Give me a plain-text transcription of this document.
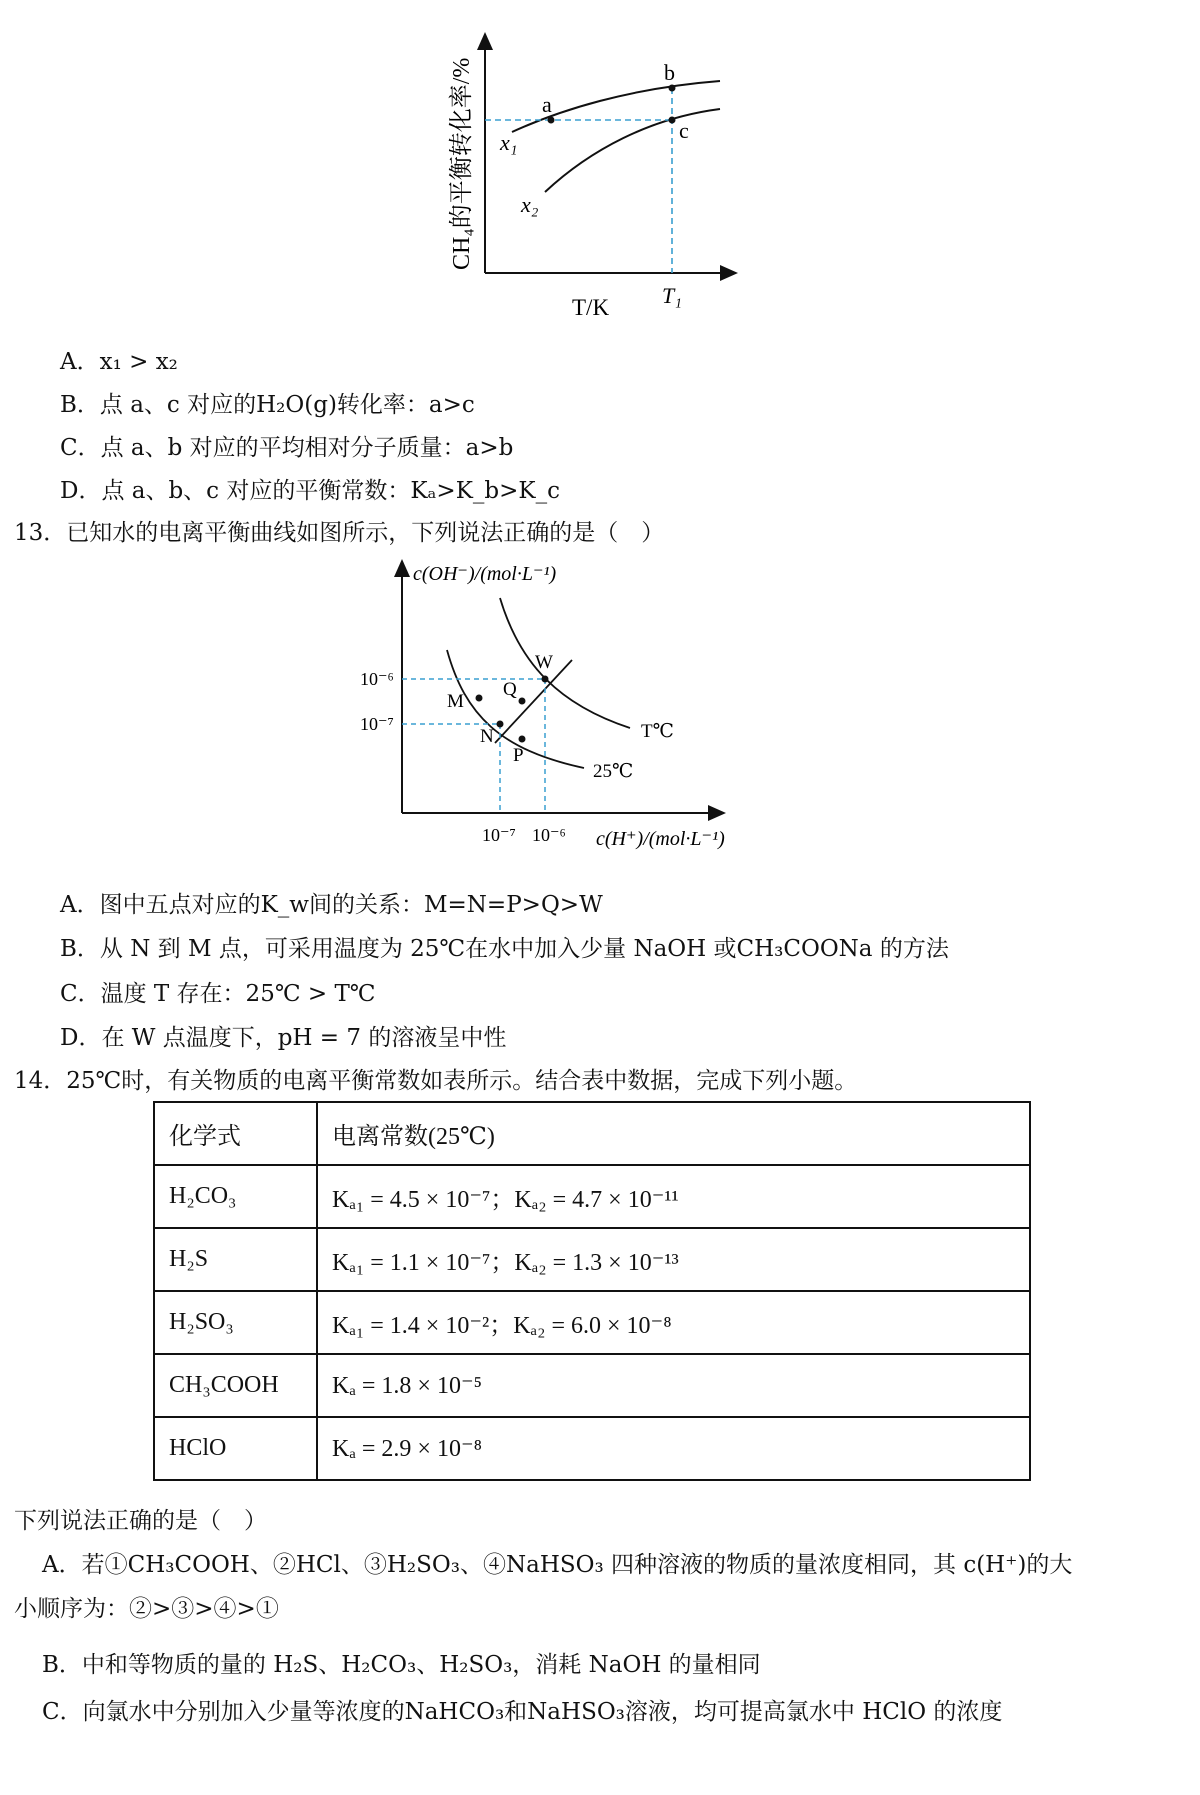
a
b
c
x₁
x₂
T₁
T/K
CH₄的平衡转化率/%
A．x₁ > x₂
B．点 a、c 对应的H₂O(g)转化率：a>c
C．点 a、b 对应的平均相对分子质量：a>b
D．点 a、b、c 对应的平衡常数：Kₐ>K_b>K_c
13．已知水的电离平衡曲线如图所示，下列说法正确的是（　）
M
N
P
Q
W
T℃
25℃
10⁻⁶
10⁻⁷
10⁻⁷ 10⁻⁶ c(H⁺)/(mol·L⁻¹)
c(OH⁻)/(mol·L⁻¹)
A．图中五点对应的K_w间的关系：M=N=P>Q>W
B．从 N 到 M 点，可采用温度为 25℃在水中加入少量 NaOH 或CH₃COONa 的方法
C．温度 T 存在：25℃ > T℃
D．在 W 点温度下，pH = 7 的溶液呈中性
14．25℃时，有关物质的电离平衡常数如表所示。结合表中数据，完成下列小题。
化学式	电离常数(25℃)
H₂CO₃	Kₐ₁ = 4.5 × 10⁻⁷；Kₐ₂ = 4.7 × 10⁻¹¹
H₂S	Kₐ₁ = 1.1 × 10⁻⁷；Kₐ₂ = 1.3 × 10⁻¹³
H₂SO₃	Kₐ₁ = 1.4 × 10⁻²；Kₐ₂ = 6.0 × 10⁻⁸
CH₃COOH	Kₐ = 1.8 × 10⁻⁵
HClO	Kₐ = 2.9 × 10⁻⁸
下列说法正确的是（　）
A．若①CH₃COOH、②HCl、③H₂SO₃、④NaHSO₃ 四种溶液的物质的量浓度相同，其 c(H⁺)的大
小顺序为：②>③>④>①
B．中和等物质的量的 H₂S、H₂CO₃、H₂SO₃，消耗 NaOH 的量相同
C．向氯水中分别加入少量等浓度的NaHCO₃和NaHSO₃溶液，均可提高氯水中 HClO 的浓度
